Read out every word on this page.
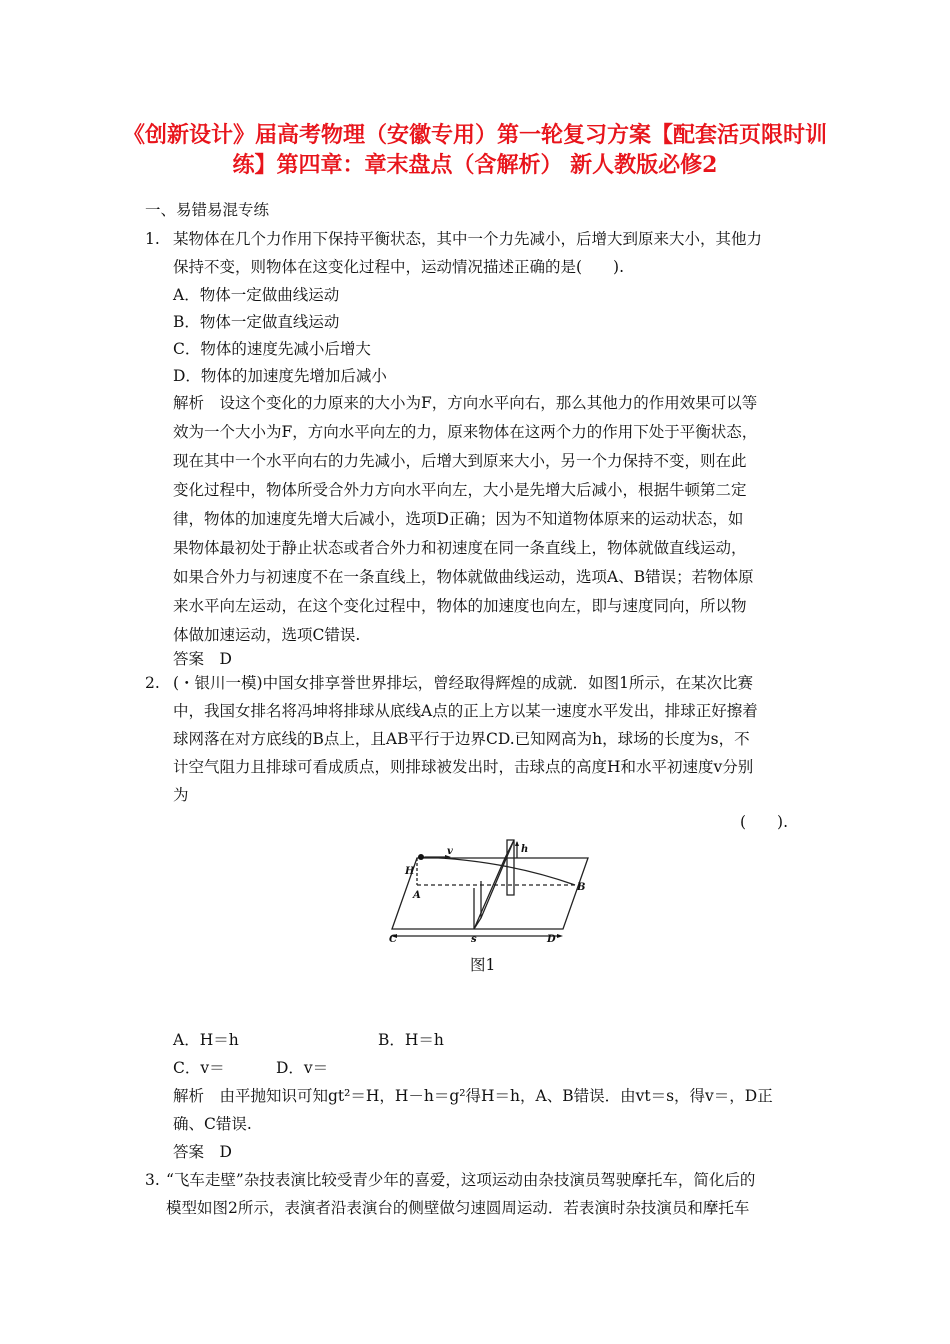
《创新设计》届高考物理（安徽专用）第一轮复习方案【配套活页限时训练】第四章：章末盘点（含解析） 新人教版必修2
一、易错易混专练
1. 某物体在几个力作用下保持平衡状态，其中一个力先减小，后增大到原来大小，其他力
保持不变，则物体在这变化过程中，运动情况描述正确的是(　　).
A．物体一定做曲线运动
B．物体一定做直线运动
C．物体的速度先减小后增大
D．物体的加速度先增加后减小
解析　设这个变化的力原来的大小为F，方向水平向右，那么其他力的作用效果可以等
效为一个大小为F，方向水平向左的力，原来物体在这两个力的作用下处于平衡状态，
现在其中一个水平向右的力先减小，后增大到原来大小，另一个力保持不变，则在此
变化过程中，物体所受合外力方向水平向左，大小是先增大后减小，根据牛顿第二定
律，物体的加速度先增大后减小，选项D正确；因为不知道物体原来的运动状态，如
果物体最初处于静止状态或者合外力和初速度在同一条直线上，物体就做直线运动，
如果合外力与初速度不在一条直线上，物体就做曲线运动，选项A、B错误；若物体原
来水平向左运动，在这个变化过程中，物体的加速度也向左，即与速度同向，所以物
体做加速运动，选项C错误.
答案　D
2. (・银川一模)中国女排享誉世界排坛，曾经取得辉煌的成就．如图1所示，在某次比赛
中，我国女排名将冯坤将排球从底线A点的正上方以某一速度水平发出，排球正好擦着
球网落在对方底线的B点上，且AB平行于边界CD.已知网高为h，球场的长度为s，不
计空气阻力且排球可看成质点，则排球被发出时，击球点的高度H和水平初速度v分别
为
(　　).
H
v	h
A
B
C	D
s
图1
A．H＝h	B．H＝h
C．v＝	D．v＝
解析　由平抛知识可知gt²＝H，H－h＝g²得H＝h，A、B错误．由vt＝s，得v＝，D正
确、C错误.
答案　D
3. “飞车走壁”杂技表演比较受青少年的喜爱，这项运动由杂技演员驾驶摩托车，简化后的
模型如图2所示，表演者沿表演台的侧壁做匀速圆周运动．若表演时杂技演员和摩托车
